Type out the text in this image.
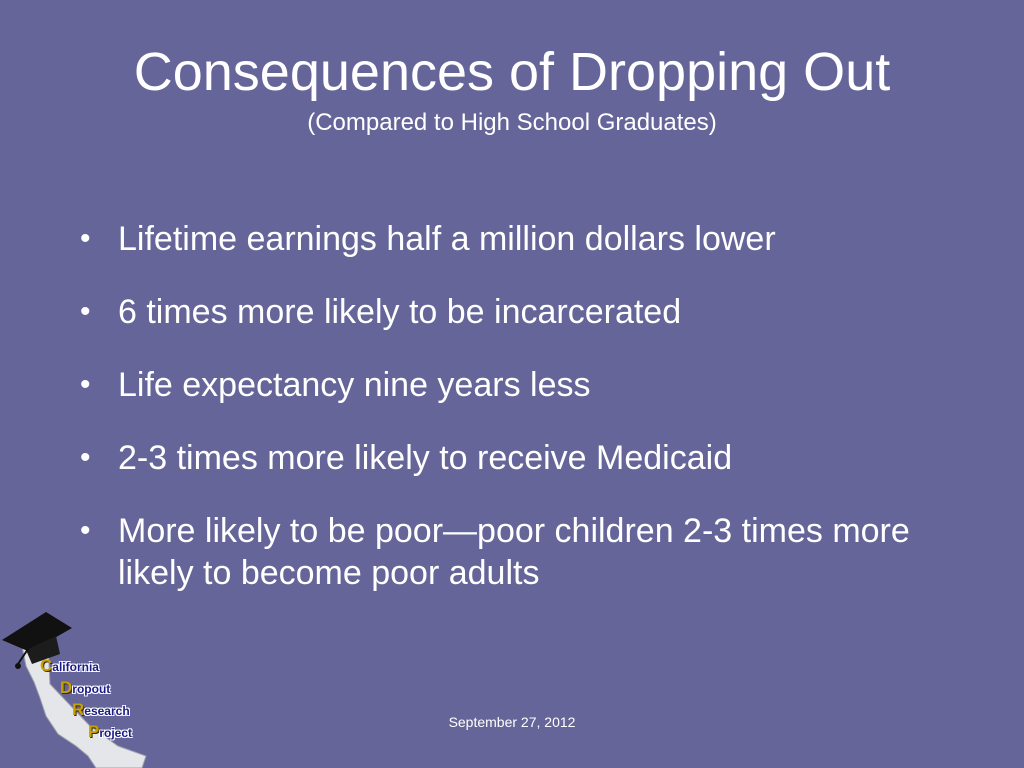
Consequences of Dropping Out
(Compared to High School Graduates)
• Lifetime earnings half a million dollars lower
• 6 times more likely to be incarcerated
• Life expectancy nine years less
• 2-3 times more likely to receive Medicaid
• More likely to be poor—poor children 2-3 times more likely to become poor adults
California
Dropout
Research
Project
September 27, 2012
